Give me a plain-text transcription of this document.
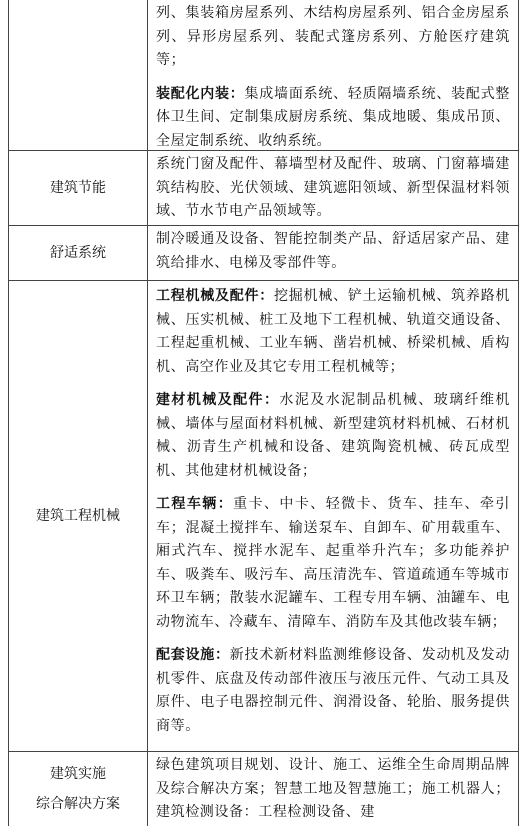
列、集装箱房屋系列、木结构房屋系列、铝合金房屋系列、异形房屋系列、装配式篷房系列、方舱医疗建筑等；

装配化内装：集成墙面系统、轻质隔墙系统、装配式整体卫生间、定制集成厨房系统、集成地暖、集成吊顶、全屋定制系统、收纳系统。

建筑节能

系统门窗及配件、幕墙型材及配件、玻璃、门窗幕墙建筑结构胶、光伏领域、建筑遮阳领域、新型保温材料领域、节水节电产品领域等。

舒适系统

制冷暖通及设备、智能控制类产品、舒适居家产品、建筑给排水、电梯及零部件等。

建筑工程机械

工程机械及配件：挖掘机械、铲土运输机械、筑养路机械、压实机械、桩工及地下工程机械、轨道交通设备、工程起重机械、工业车辆、凿岩机械、桥梁机械、盾构机、高空作业及其它专用工程机械等；

建材机械及配件：水泥及水泥制品机械、玻璃纤维机械、墙体与屋面材料机械、新型建筑材料机械、石材机械、沥青生产机械和设备、建筑陶瓷机械、砖瓦成型机、其他建材机械设备；

工程车辆：重卡、中卡、轻微卡、货车、挂车、牵引车；混凝土搅拌车、输送泵车、自卸车、矿用载重车、厢式汽车、搅拌水泥车、起重举升汽车；多功能养护车、吸粪车、吸污车、高压清洗车、管道疏通车等城市环卫车辆；散装水泥罐车、工程专用车辆、油罐车、电动物流车、冷藏车、清障车、消防车及其他改装车辆；

配套设施：新技术新材料监测维修设备、发动机及发动机零件、底盘及传动部件液压与液压元件、气动工具及原件、电子电器控制元件、润滑设备、轮胎、服务提供商等。

建筑实施
综合解决方案

绿色建筑项目规划、设计、施工、运维全生命周期品牌及综合解决方案；智慧工地及智慧施工；施工机器人；建筑检测设备：工程检测设备、建
